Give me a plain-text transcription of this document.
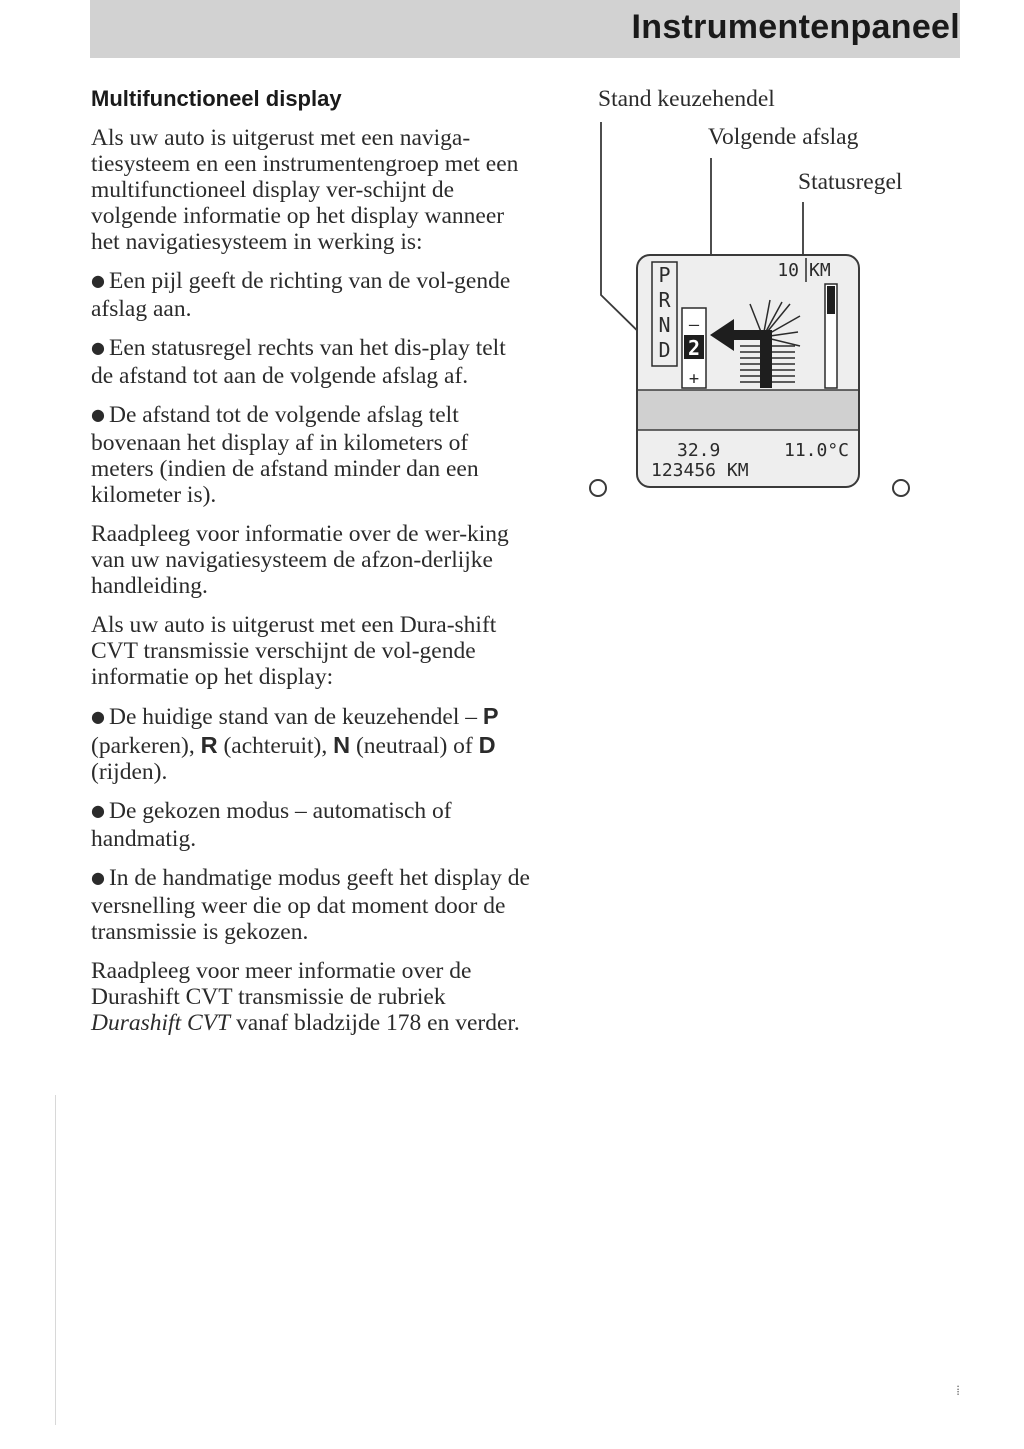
Instrumentenpaneel
Multifunctioneel display

Als uw auto is uitgerust met een naviga-tiesysteem en een instrumentengroep met een multifunctioneel display ver-schijnt de volgende informatie op het display wanneer het navigatiesysteem in werking is:

● Een pijl geeft de richting van de vol-gende afslag aan.

● Een statusregel rechts van het dis-play telt de afstand tot aan de volgende afslag af.

● De afstand tot de volgende afslag telt bovenaan het display af in kilometers of meters (indien de afstand minder dan een kilometer is).

Raadpleeg voor informatie over de wer-king van uw navigatiesysteem de afzon-derlijke handleiding.

Als uw auto is uitgerust met een Dura-shift CVT transmissie verschijnt de vol-gende informatie op het display:

● De huidige stand van de keuzehendel – P (parkeren), R (achteruit), N (neutraal) of D (rijden).

● De gekozen modus – automatisch of handmatig.

● In de handmatige modus geeft het display de versnelling weer die op dat moment door de transmissie is gekozen.

Raadpleeg voor meer informatie over de Durashift CVT transmissie de rubriek Durashift CVT vanaf bladzijde 178 en verder.

Stand keuzehendel
Volgende afslag
Statusregel
P
R
N
D
–
2
+
10 KM
32.9	11.0°C
123456 KM
⁞
